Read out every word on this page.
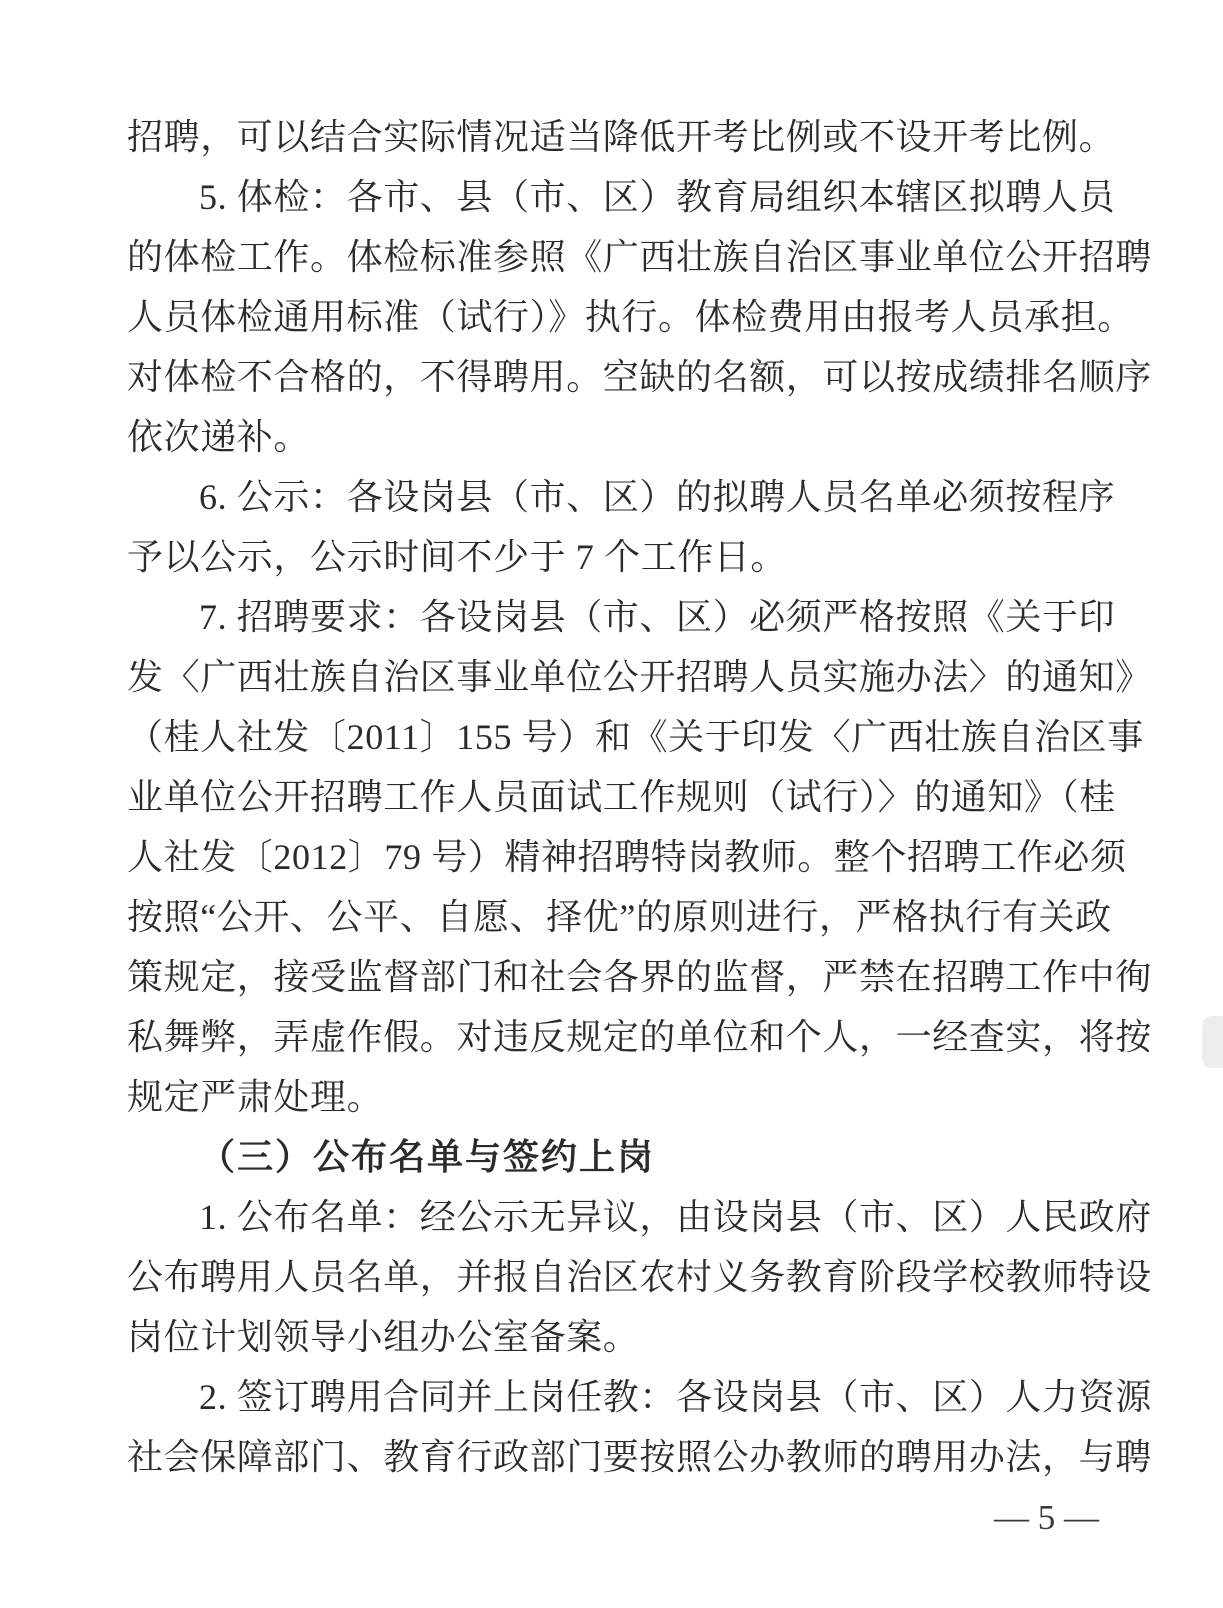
招聘，可以结合实际情况适当降低开考比例或不设开考比例。
5. 体检：各市、县（市、区）教育局组织本辖区拟聘人员
的体检工作。体检标准参照《广西壮族自治区事业单位公开招聘
人员体检通用标准（试行）》执行。体检费用由报考人员承担。
对体检不合格的，不得聘用。空缺的名额，可以按成绩排名顺序
依次递补。
6. 公示：各设岗县（市、区）的拟聘人员名单必须按程序
予以公示，公示时间不少于 7 个工作日。
7. 招聘要求：各设岗县（市、区）必须严格按照《关于印
发〈广西壮族自治区事业单位公开招聘人员实施办法〉的通知》
（桂人社发〔2011〕155 号）和《关于印发〈广西壮族自治区事
业单位公开招聘工作人员面试工作规则（试行）〉的通知》（桂
人社发〔2012〕79 号）精神招聘特岗教师。整个招聘工作必须
按照“公开、公平、自愿、择优”的原则进行，严格执行有关政
策规定，接受监督部门和社会各界的监督，严禁在招聘工作中徇
私舞弊，弄虚作假。对违反规定的单位和个人，一经查实，将按
规定严肃处理。
（三）公布名单与签约上岗
1. 公布名单：经公示无异议，由设岗县（市、区）人民政府
公布聘用人员名单，并报自治区农村义务教育阶段学校教师特设
岗位计划领导小组办公室备案。
2. 签订聘用合同并上岗任教：各设岗县（市、区）人力资源
社会保障部门、教育行政部门要按照公办教师的聘用办法，与聘
— 5 —
